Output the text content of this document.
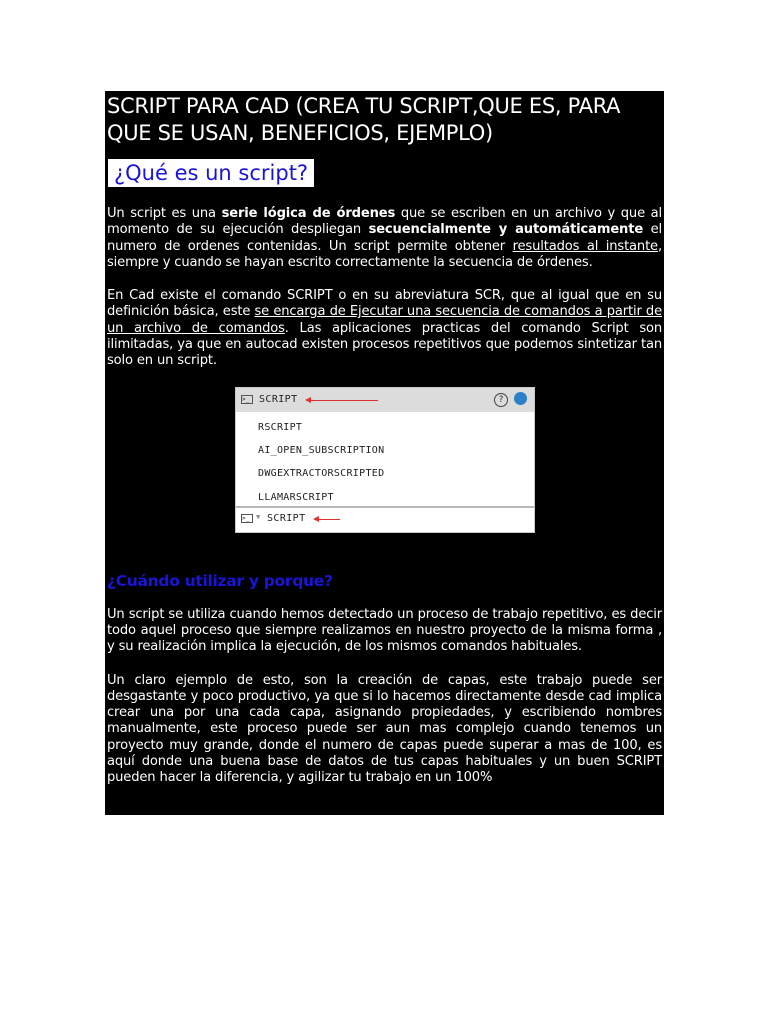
SCRIPT PARA CAD (CREA TU SCRIPT,QUE ES, PARA QUE SE USAN, BENEFICIOS, EJEMPLO)
¿Qué es un script?

Un script es una serie lógica de órdenes que se escriben en un archivo y que al momento de su ejecución despliegan secuencialmente y automáticamente el numero de ordenes contenidas. Un script permite obtener resultados al instante, siempre y cuando se hayan escrito correctamente la secuencia de órdenes.

En Cad existe el comando SCRIPT o en su abreviatura SCR, que al igual que en su definición básica, este se encarga de Ejecutar una secuencia de comandos a partir de un archivo de comandos. Las aplicaciones practicas del comando Script son ilimitadas, ya que en autocad existen procesos repetitivos que podemos sintetizar tan solo en un script.

>_ SCRIPT	?
RSCRIPT
AI_OPEN_SUBSCRIPTION
DWGEXTRACTORSCRIPTED
LLAMARSCRIPT
>_ ▼ SCRIPT
¿Cuándo utilizar y porque?

Un script se utiliza cuando hemos detectado un proceso de trabajo repetitivo, es decir todo aquel proceso que siempre realizamos en nuestro proyecto de la misma forma , y su realización implica la ejecución, de los mismos comandos habituales.

Un claro ejemplo de esto, son la creación de capas, este trabajo puede ser desgastante y poco productivo, ya que si lo hacemos directamente desde cad implica crear una por una cada capa, asignando propiedades, y escribiendo nombres manualmente, este proceso puede ser aun mas complejo cuando tenemos un proyecto muy grande, donde el numero de capas puede superar a mas de 100, es aquí donde una buena base de datos de tus capas habituales y un buen SCRIPT pueden hacer la diferencia, y agilizar tu trabajo en un 100%
